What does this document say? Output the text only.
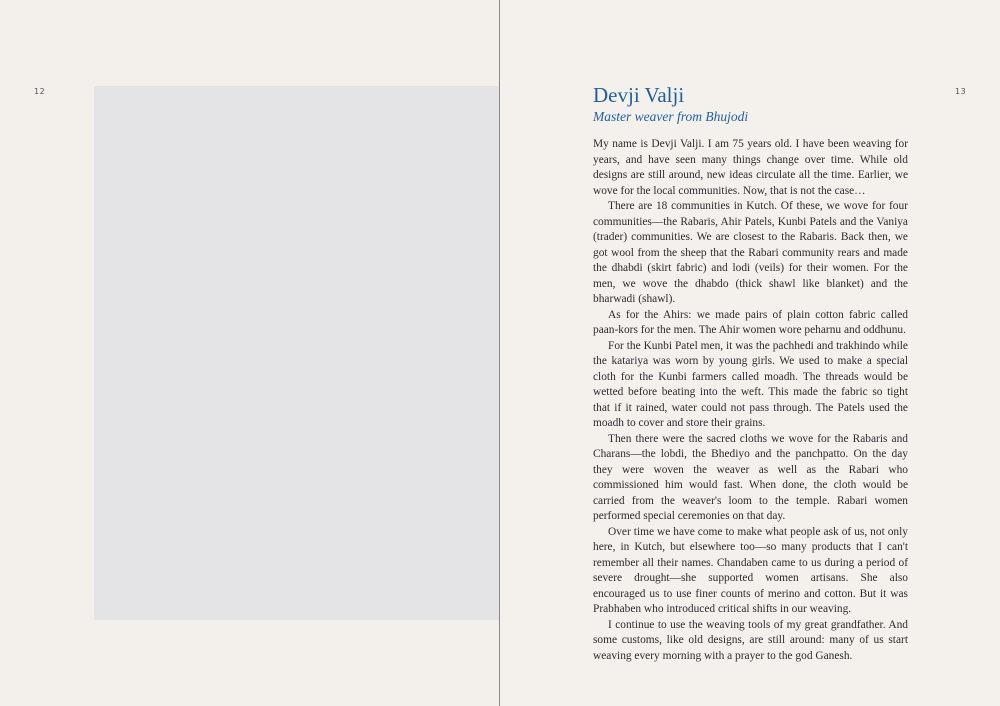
12	13
Devji Valji
Master weaver from Bhujodi

My name is Devji Valji. I am 75 years old. I have been weaving for years, and have seen many things change over time. While old designs are still around, new ideas circulate all the time. Earlier, we wove for the local communities. Now, that is not the case…

There are 18 communities in Kutch. Of these, we wove for four communities—the Rabaris, Ahir Patels, Kunbi Patels and the Vaniya (trader) communities. We are closest to the Rabaris. Back then, we got wool from the sheep that the Rabari community rears and made the dhabdi (skirt fabric) and lodi (veils) for their women. For the men, we wove the dhabdo (thick shawl like blanket) and the bharwadi (shawl).

As for the Ahirs: we made pairs of plain cotton fabric called paan-kors for the men. The Ahir women wore peharnu and oddhunu.

For the Kunbi Patel men, it was the pachhedi and trakhindo while the katariya was worn by young girls. We used to make a special cloth for the Kunbi farmers called moadh. The threads would be wetted before beating into the weft. This made the fabric so tight that if it rained, water could not pass through. The Patels used the moadh to cover and store their grains.

Then there were the sacred cloths we wove for the Rabaris and Charans—the lobdi, the Bhediyo and the panchpatto. On the day they were woven the weaver as well as the Rabari who commissioned him would fast. When done, the cloth would be carried from the weaver's loom to the temple. Rabari women performed special ceremonies on that day.

Over time we have come to make what people ask of us, not only here, in Kutch, but elsewhere too—so many products that I can't remember all their names. Chandaben came to us during a period of severe drought—she supported women artisans. She also encouraged us to use finer counts of merino and cotton. But it was Prabhaben who introduced critical shifts in our weaving.

I continue to use the weaving tools of my great grandfather. And some customs, like old designs, are still around: many of us start weaving every morning with a prayer to the god Ganesh.
